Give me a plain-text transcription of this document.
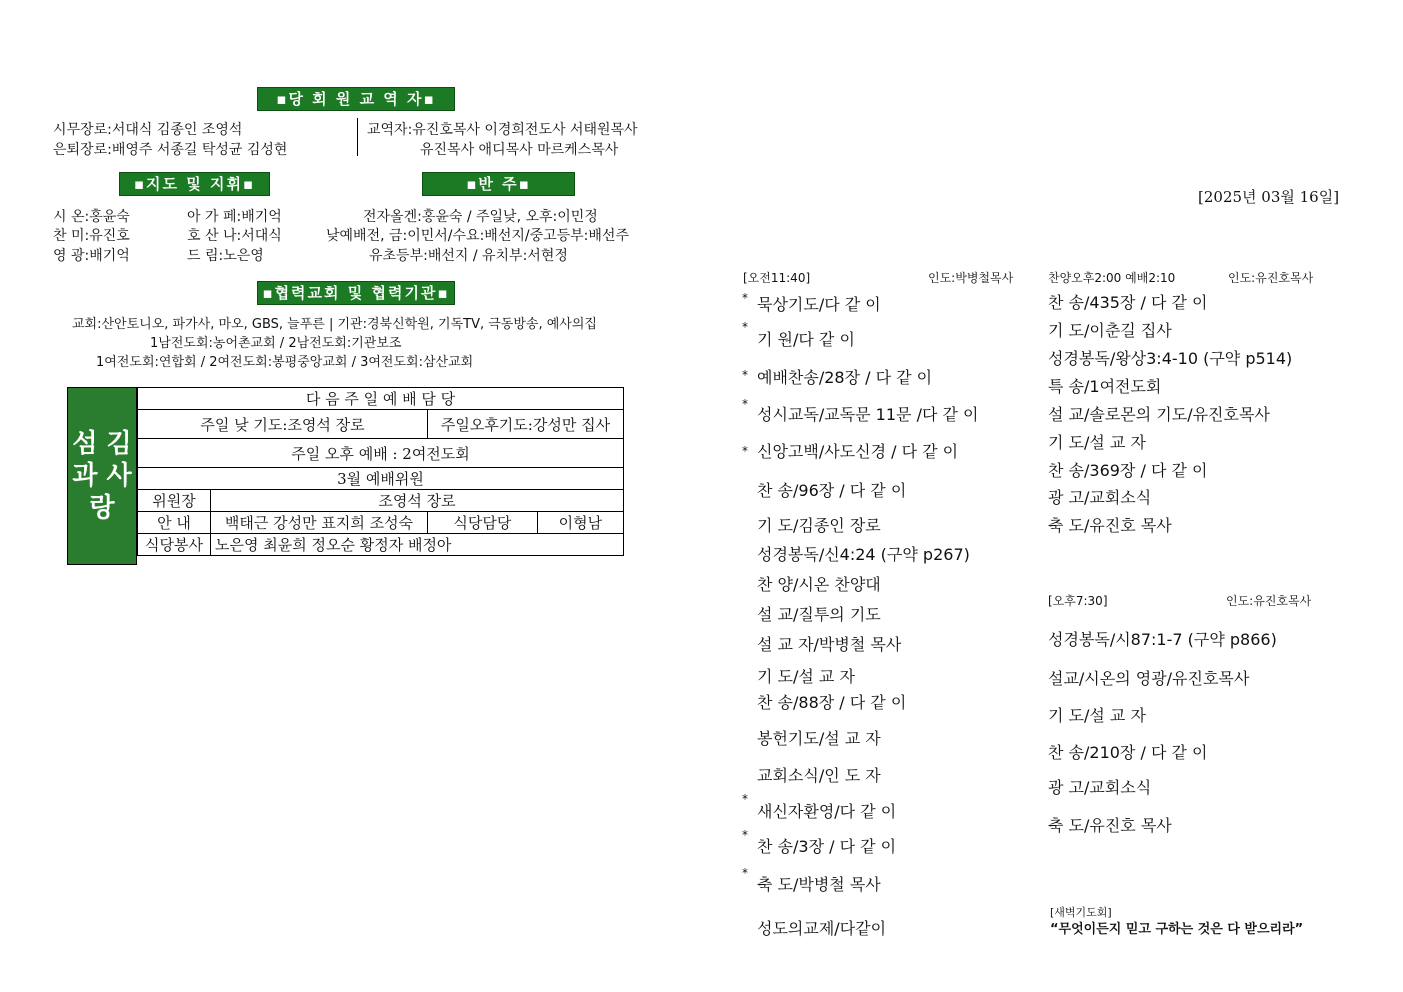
▪당 회 원 교 역 자▪
시무장로:서대식 김종인 조영석
은퇴장로:배영주 서종길 탁성균 김성현
교역자:유진호목사 이경희전도사 서태원목사
유진목사 애디목사 마르케스목사
▪지도 및 지휘▪	▪반 주▪
시 온:홍윤숙	아 가 페:배기억
찬 미:유진호	호 산 나:서대식
영 광:배기억	드 림:노은영
전자올겐:홍윤숙 / 주일낮, 오후:이민정
낮예배전, 금:이민서/수요:배선지/중고등부:배선주
유초등부:배선지 / 유치부:서현정
▪협력교회 및 협력기관▪
교회:산안토니오, 파가사, 마오, GBS, 늘푸른 | 기관:경북신학원, 기독TV, 극동방송, 예사의집
1남전도회:농어촌교회 / 2남전도회:기관보조
1여전도회:연합회 / 2여전도회:봉평중앙교회 / 3여전도회:삼산교회
섬 김
과 사
랑
다 음 주 일 예 배 담 당			
주일 낮 기도:조영석 장로		주일오후기도:강성만 집사	
주일 오후 예배 : 2여전도회			
3월 예배위원			
위원장	조영석 장로		
안 내	백태근 강성만 표지희 조성숙	식당담당	이형남
식당봉사	노은영 최윤희 정오순 황정자 배정아		
[2025년 03월 16일]
[오전11:40]	인도:박병철목사
* 묵상기도/다 같 이
*
기 원/다 같 이
* 예배찬송/28장 / 다 같 이
*
성시교독/교독문 11문 /다 같 이
* 신앙고백/사도신경 / 다 같 이
찬 송/96장 / 다 같 이
기 도/김종인 장로
성경봉독/신4:24 (구약 p267)
찬 양/시온 찬양대
설 교/질투의 기도
설 교 자/박병철 목사
기 도/설 교 자
찬 송/88장 / 다 같 이
봉헌기도/설 교 자
교회소식/인 도 자
*
새신자환영/다 같 이
*
찬 송/3장 / 다 같 이
*
축 도/박병철 목사
성도의교제/다같이
찬양오후2:00 예배2:10	인도:유진호목사
찬 송/435장 / 다 같 이
기 도/이춘길 집사
성경봉독/왕상3:4-10 (구약 p514)
특 송/1여전도회
설 교/솔로몬의 기도/유진호목사
기 도/설 교 자
찬 송/369장 / 다 같 이
광 고/교회소식
축 도/유진호 목사
[오후7:30]	인도:유진호목사
성경봉독/시87:1-7 (구약 p866)
설교/시온의 영광/유진호목사
기 도/설 교 자
찬 송/210장 / 다 같 이
광 고/교회소식
축 도/유진호 목사
[새벽기도회]
“무엇이든지 믿고 구하는 것은 다 받으리라”
